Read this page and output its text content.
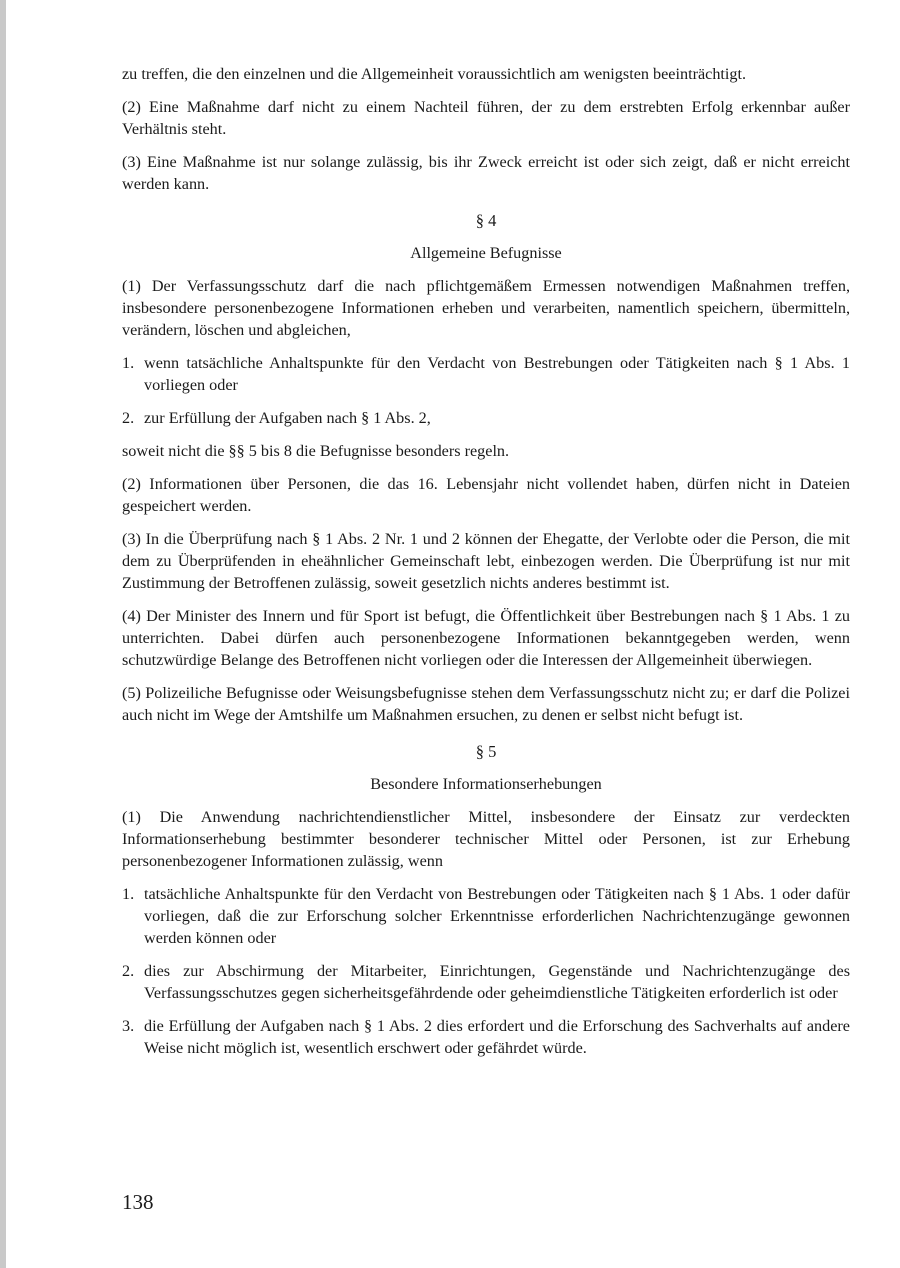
zu treffen, die den einzelnen und die Allgemeinheit voraussichtlich am wenigsten beeinträchtigt.

(2) Eine Maßnahme darf nicht zu einem Nachteil führen, der zu dem erstrebten Erfolg erkennbar außer Verhältnis steht.

(3) Eine Maßnahme ist nur solange zulässig, bis ihr Zweck erreicht ist oder sich zeigt, daß er nicht erreicht werden kann.

§ 4
Allgemeine Befugnisse

(1) Der Verfassungsschutz darf die nach pflichtgemäßem Ermessen notwendigen Maßnahmen treffen, insbesondere personenbezogene Informationen erheben und verarbeiten, namentlich speichern, übermitteln, verändern, löschen und abgleichen,

1. wenn tatsächliche Anhaltspunkte für den Verdacht von Bestrebungen oder Tätigkeiten nach § 1 Abs. 1 vorliegen oder
2. zur Erfüllung der Aufgaben nach § 1 Abs. 2,

soweit nicht die §§ 5 bis 8 die Befugnisse besonders regeln.

(2) Informationen über Personen, die das 16. Lebensjahr nicht vollendet haben, dürfen nicht in Dateien gespeichert werden.

(3) In die Überprüfung nach § 1 Abs. 2 Nr. 1 und 2 können der Ehegatte, der Verlobte oder die Person, die mit dem zu Überprüfenden in eheähnlicher Gemeinschaft lebt, einbezogen werden. Die Überprüfung ist nur mit Zustimmung der Betroffenen zulässig, soweit gesetzlich nichts anderes bestimmt ist.

(4) Der Minister des Innern und für Sport ist befugt, die Öffentlichkeit über Bestrebungen nach § 1 Abs. 1 zu unterrichten. Dabei dürfen auch personenbezogene Informationen bekanntgegeben werden, wenn schutzwürdige Belange des Betroffenen nicht vorliegen oder die Interessen der Allgemeinheit überwiegen.

(5) Polizeiliche Befugnisse oder Weisungsbefugnisse stehen dem Verfassungsschutz nicht zu; er darf die Polizei auch nicht im Wege der Amtshilfe um Maßnahmen ersuchen, zu denen er selbst nicht befugt ist.

§ 5
Besondere Informationserhebungen

(1) Die Anwendung nachrichtendienstlicher Mittel, insbesondere der Einsatz zur verdeckten Informationserhebung bestimmter besonderer technischer Mittel oder Personen, ist zur Erhebung personenbezogener Informationen zulässig, wenn

1. tatsächliche Anhaltspunkte für den Verdacht von Bestrebungen oder Tätigkeiten nach § 1 Abs. 1 oder dafür vorliegen, daß die zur Erforschung solcher Erkenntnisse erforderlichen Nachrichtenzugänge gewonnen werden können oder
2. dies zur Abschirmung der Mitarbeiter, Einrichtungen, Gegenstände und Nachrichtenzugänge des Verfassungsschutzes gegen sicherheitsgefährdende oder geheimdienstliche Tätigkeiten erforderlich ist oder
3. die Erfüllung der Aufgaben nach § 1 Abs. 2 dies erfordert und die Erforschung des Sachverhalts auf andere Weise nicht möglich ist, wesentlich erschwert oder gefährdet würde.
138
